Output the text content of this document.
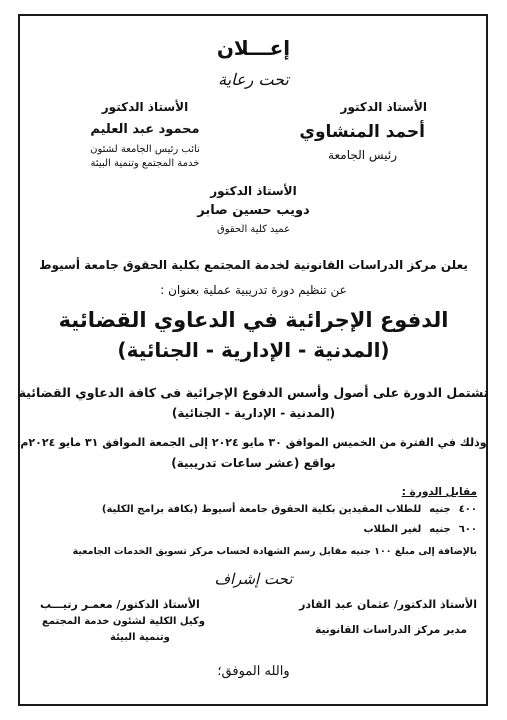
إعـــلان
تحت رعاية
الأستاذ الدكتور
أحمد المنشاوي
رئيس الجامعة
الأستاذ الدكتور
محمود عبد العليم
نائب رئيس الجامعة لشئون
خدمة المجتمع وتنمية البيئة
الأستاذ الدكتور
دويب حسين صابر
عميد كلية الحقوق
يعلن مركز الدراسات القانونية لخدمة المجتمع بكلية الحقوق جامعة أسيوط
عن تنظيم دورة تدريبية عملية بعنوان :
الدفوع الإجرائية في الدعاوي القضائية
(المدنية - الإدارية - الجنائية)
تشتمل الدورة على أصول وأسس الدفوع الإجرائية فى كافة الدعاوي القضائية
(المدنية - الإدارية - الجنائية)
وذلك في الفترة من الخميس الموافق ٣٠ مايو ٢٠٢٤ إلى الجمعة الموافق ٣١ مايو ٢٠٢٤م
بواقع (عشر ساعات تدريبية)
مقابل الدورة :
٤٠٠
جنيه
للطلاب المقيدين بكلية الحقوق جامعة أسيوط (بكافة برامج الكلية)
٦٠٠
جنيه
لغير الطلاب
بالإضافة إلى مبلغ ١٠٠ جنيه مقابل رسم الشهادة لحساب مركز تسويق الخدمات الجامعية
تحت إشراف
الأستاذ الدكتور/ عثمان عبد القادر
مدير مركز الدراسات القانونية
الأستاذ الدكتور/ معمـر رتيـــب
وكيل الكلية لشئون خدمة المجتمع
وتنمية البيئة
والله الموفق؛
